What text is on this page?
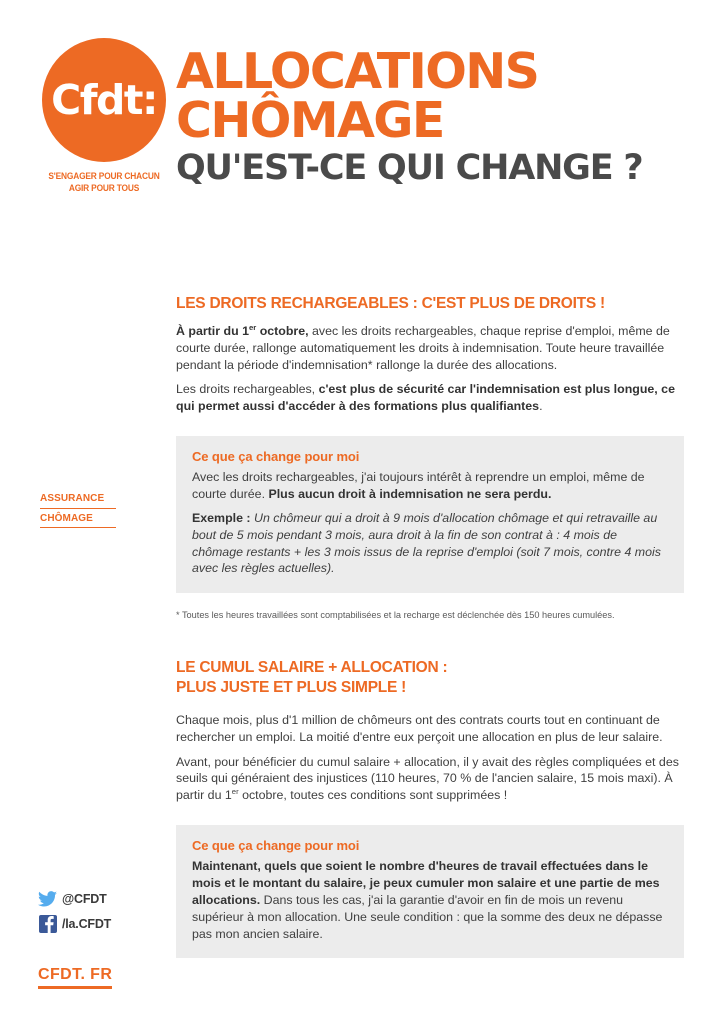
Cfdt:
S'ENGAGER POUR CHACUN
AGIR POUR TOUS
ALLOCATIONS
CHÔMAGE
QU'EST-CE QUI CHANGE ?
ASSURANCE
CHÔMAGE
LES DROITS RECHARGEABLES : C'EST PLUS DE DROITS !

À partir du 1er octobre, avec les droits rechargeables, chaque reprise d'emploi, même de courte durée, rallonge automatiquement les droits à indemnisation. Toute heure travaillée pendant la période d'indemnisation* rallonge la durée des allocations.

Les droits rechargeables, c'est plus de sécurité car l'indemnisation est plus longue, ce qui permet aussi d'accéder à des formations plus qualifiantes.

Ce que ça change pour moi

Avec les droits rechargeables, j'ai toujours intérêt à reprendre un emploi, même de courte durée. Plus aucun droit à indemnisation ne sera perdu.

Exemple : Un chômeur qui a droit à 9 mois d'allocation chômage et qui retravaille au bout de 5 mois pendant 3 mois, aura droit à la fin de son contrat à : 4 mois de chômage restants + les 3 mois issus de la reprise d'emploi (soit 7 mois, contre 4 mois avec les règles actuelles).

* Toutes les heures travaillées sont comptabilisées et la recharge est déclenchée dès 150 heures cumulées.
LE CUMUL SALAIRE + ALLOCATION :
PLUS JUSTE ET PLUS SIMPLE !

Chaque mois, plus d'1 million de chômeurs ont des contrats courts tout en continuant de rechercher un emploi. La moitié d'entre eux perçoit une allocation en plus de leur salaire.

Avant, pour bénéficier du cumul salaire + allocation, il y avait des règles compliquées et des seuils qui généraient des injustices (110 heures, 70 % de l'ancien salaire, 15 mois maxi). À partir du 1er octobre, toutes ces conditions sont supprimées !

Ce que ça change pour moi

Maintenant, quels que soient le nombre d'heures de travail effectuées dans le mois et le montant du salaire, je peux cumuler mon salaire et une partie de mes allocations. Dans tous les cas, j'ai la garantie d'avoir en fin de mois un revenu supérieur à mon allocation. Une seule condition : que la somme des deux ne dépasse pas mon ancien salaire.

@CFDT
/la.CFDT
CFDT. FR
